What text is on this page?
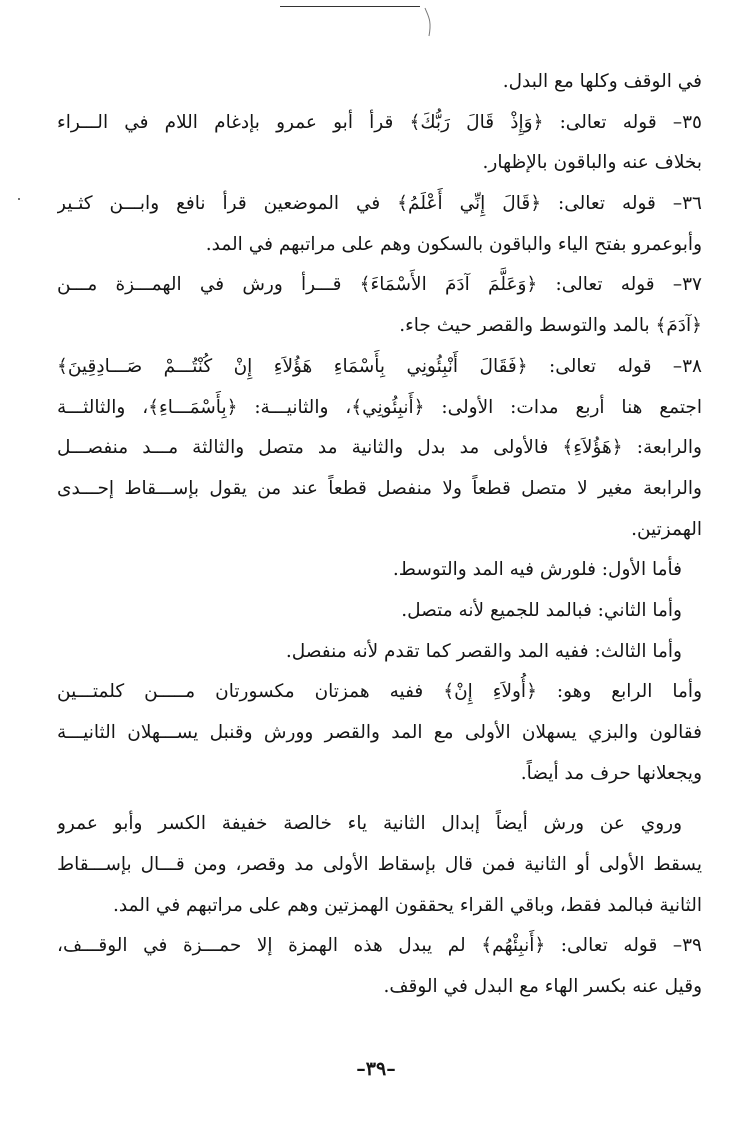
في الوقف وكلها مع البدل.
٣٥– قوله تعالى: ﴿وَإِذْ قَالَ رَبُّكَ﴾ قرأ أبو عمرو بإدغام اللام في الـــراء
بخلاف عنه والباقون بالإظهار.
٣٦– قوله تعالى: ﴿قَالَ إِنِّي أَعْلَمُ﴾ في الموضعين قرأ نافع وابـــن كثـير
وأبوعمرو بفتح الياء والباقون بالسكون وهم على مراتبهم في المد.
٣٧– قوله تعالى: ﴿وَعَلَّمَ آدَمَ الأَسْمَاءَ﴾ قـــرأ ورش في الهمـــزة مـــن
﴿آدَمَ﴾ بالمد والتوسط والقصر حيث جاء.
٣٨– قوله تعالى: ﴿فَقَالَ أَنْبِئُونِي بِأَسْمَاءِ هَؤُلاَءِ إِنْ كُنْتُـــمْ صَـــادِقِينَ﴾
اجتمع هنا أربع مدات: الأولى: ﴿أَنبِئُونِي﴾، والثانيـــة: ﴿بِأَسْمَـــاءِ﴾، والثالثـــة
والرابعة: ﴿هَؤُلاَءِ﴾ فالأولى مد بدل والثانية مد متصل والثالثة مـــد منفصـــل
والرابعة مغير لا متصل قطعاً ولا منفصل قطعاً عند من يقول بإســـقاط إحـــدى
الهمزتين.
فأما الأول: فلورش فيه المد والتوسط.
وأما الثاني: فبالمد للجميع لأنه متصل.
وأما الثالث: ففيه المد والقصر كما تقدم لأنه منفصل.
وأما الرابع وهو: ﴿أُولاَءِ إِنْ﴾ ففيه همزتان مكسورتان مـــــن كلمتـــين
فقالون والبزي يسهلان الأولى مع المد والقصر وورش وقنبل يســـهلان الثانيـــة
ويجعلانها حرف مد أيضاً.
وروي عن ورش أيضاً إبدال الثانية ياء خالصة خفيفة الكسر وأبو عمرو
يسقط الأولى أو الثانية فمن قال بإسقاط الأولى مد وقصر، ومن قـــال بإســـقاط
الثانية فبالمد فقط، وباقي القراء يحققون الهمزتين وهم على مراتبهم في المد.
٣٩– قوله تعالى: ﴿أَنبِئْهُم﴾ لم يبدل هذه الهمزة إلا حمـــزة في الوقـــف،
وقيل عنه بكسر الهاء مع البدل في الوقف.
–٣٩–
